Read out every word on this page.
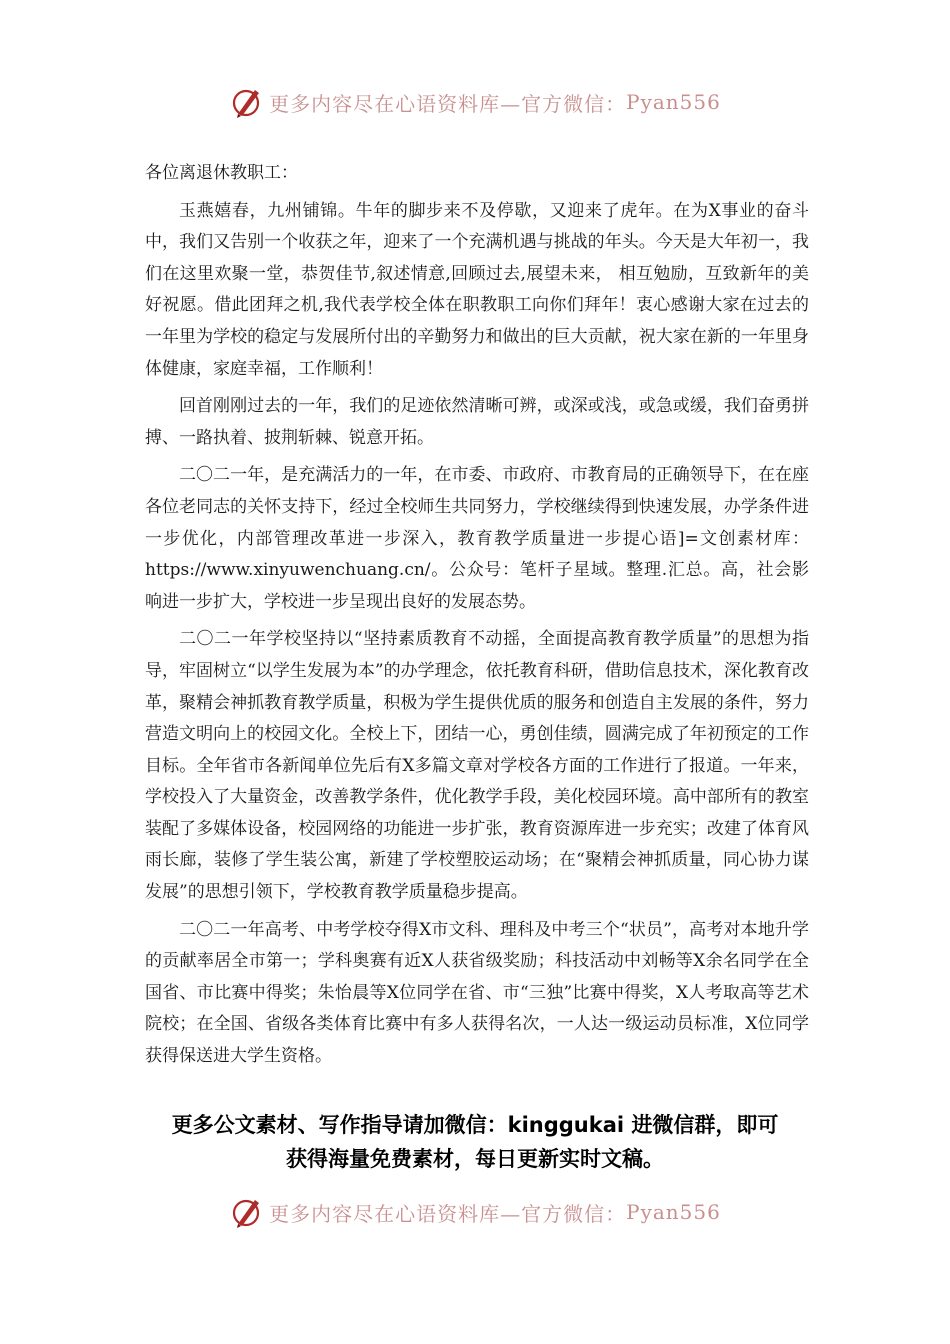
更多内容尽在心语资料库—官方微信： Pyan556

各位离退休教职工：

玉燕嬉春，九州铺锦。牛年的脚步来不及停歇，又迎来了虎年。在为X事业的奋斗中，我们又告别一个收获之年，迎来了一个充满机遇与挑战的年头。今天是大年初一，我们在这里欢聚一堂，恭贺佳节,叙述情意,回顾过去,展望未来， 相互勉励，互致新年的美好祝愿。借此团拜之机,我代表学校全体在职教职工向你们拜年！衷心感谢大家在过去的一年里为学校的稳定与发展所付出的辛勤努力和做出的巨大贡献，祝大家在新的一年里身体健康，家庭幸福，工作顺利！

回首刚刚过去的一年，我们的足迹依然清晰可辨，或深或浅，或急或缓，我们奋勇拼搏、一路执着、披荆斩棘、锐意开拓。

二〇二一年，是充满活力的一年，在市委、市政府、市教育局的正确领导下，在在座各位老同志的关怀支持下，经过全校师生共同努力，学校继续得到快速发展，办学条件进一步优化，内部管理改革进一步深入，教育教学质量进一步提心语]=文创素材库：https://www.xinyuwenchuang.cn/。公众号：笔杆子星域。整理.汇总。高，社会影响进一步扩大，学校进一步呈现出良好的发展态势。

二〇二一年学校坚持以“坚持素质教育不动摇，全面提高教育教学质量”的思想为指导，牢固树立“以学生发展为本”的办学理念，依托教育科研，借助信息技术，深化教育改革，聚精会神抓教育教学质量，积极为学生提供优质的服务和创造自主发展的条件，努力营造文明向上的校园文化。全校上下，团结一心，勇创佳绩，圆满完成了年初预定的工作目标。全年省市各新闻单位先后有X多篇文章对学校各方面的工作进行了报道。一年来，学校投入了大量资金，改善教学条件，优化教学手段，美化校园环境。高中部所有的教室装配了多媒体设备，校园网络的功能进一步扩张，教育资源库进一步充实；改建了体育风雨长廊，装修了学生装公寓，新建了学校塑胶运动场；在“聚精会神抓质量，同心协力谋发展”的思想引领下，学校教育教学质量稳步提高。

二〇二一年高考、中考学校夺得X市文科、理科及中考三个“状员”，高考对本地升学的贡献率居全市第一；学科奥赛有近X人获省级奖励；科技活动中刘畅等X余名同学在全国省、市比赛中得奖；朱怡晨等X位同学在省、市“三独”比赛中得奖，X人考取高等艺术院校；在全国、省级各类体育比赛中有多人获得名次，一人达一级运动员标准，X位同学获得保送进大学生资格。

更多公文素材、写作指导请加微信：kinggukai 进微信群，即可
获得海量免费素材，每日更新实时文稿。
更多内容尽在心语资料库—官方微信： Pyan556
